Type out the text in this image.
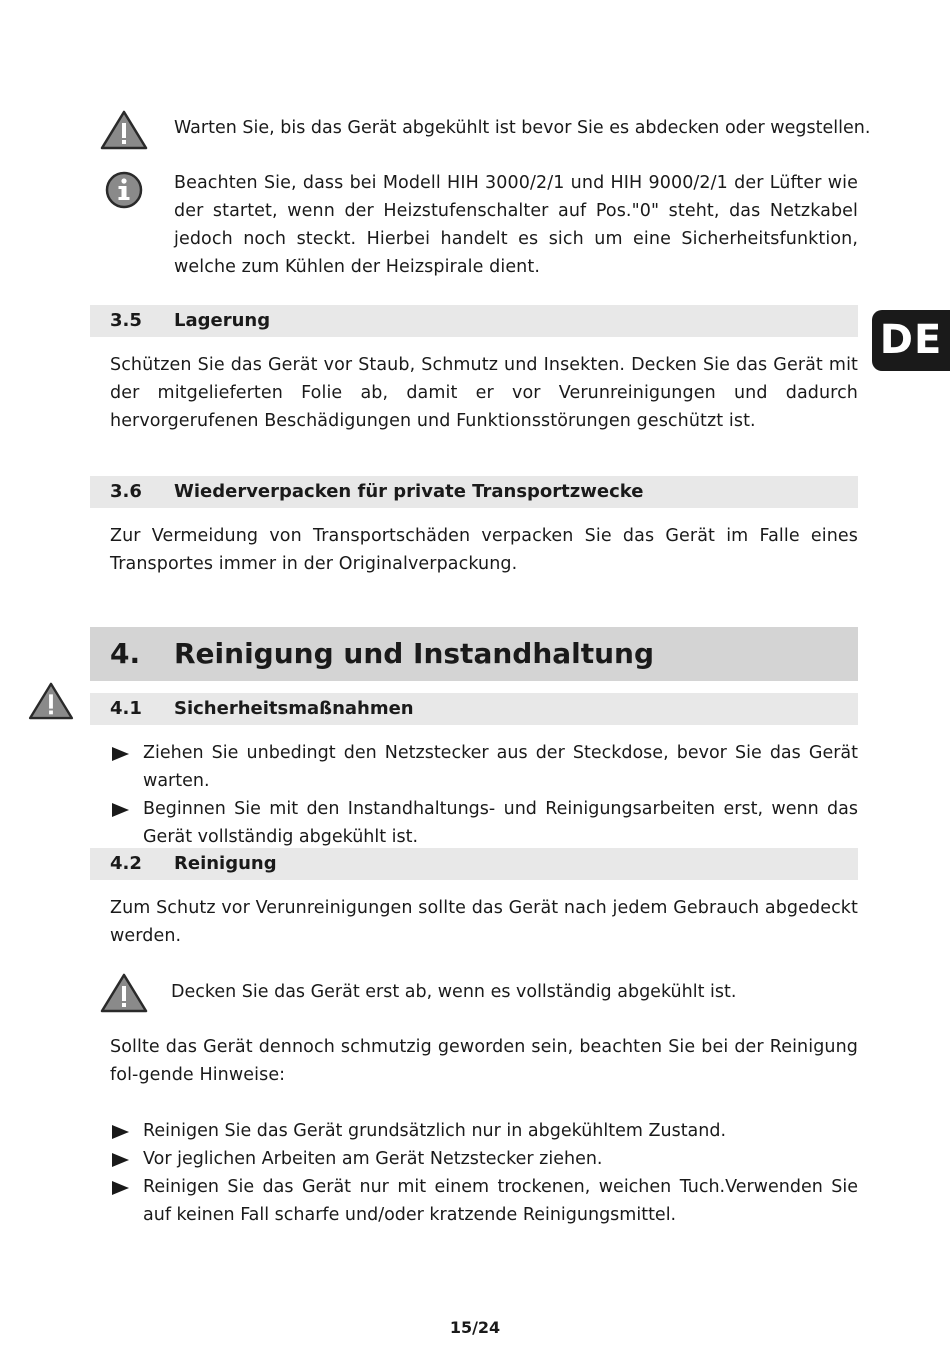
Warten Sie, bis das Gerät abgekühlt ist bevor Sie es abdecken oder wegstellen.
Beachten Sie, dass bei Modell HIH 3000/2/1 und HIH 9000/2/1 der Lüfter wie der startet, wenn der Heizstufenschalter auf Pos."0" steht, das Netzkabel jedoch noch steckt. Hierbei handelt es sich um eine Sicherheitsfunktion, welche zum Kühlen der Heizspirale dient.
3.5 Lagerung
Schützen Sie das Gerät vor Staub, Schmutz und Insekten. Decken Sie das Gerät mit der mitgelieferten Folie ab, damit er vor Verunreinigungen und dadurch hervorgerufenen Beschädigungen und Funktionsstörungen geschützt ist.
DE
3.6 Wiederverpacken für private Transportzwecke
Zur Vermeidung von Transportschäden verpacken Sie das Gerät im Falle eines Transportes immer in der Originalverpackung.
4. Reinigung und Instandhaltung
4.1 Sicherheitsmaßnahmen
Ziehen Sie unbedingt den Netzstecker aus der Steckdose, bevor Sie das Gerät warten.
Beginnen Sie mit den Instandhaltungs- und Reinigungsarbeiten erst, wenn das Gerät vollständig abgekühlt ist.
4.2 Reinigung
Zum Schutz vor Verunreinigungen sollte das Gerät nach jedem Gebrauch abgedeckt werden.
Decken Sie das Gerät erst ab, wenn es vollständig abgekühlt ist.
Sollte das Gerät dennoch schmutzig geworden sein, beachten Sie bei der Reinigung fol-gende Hinweise:
Reinigen Sie das Gerät grundsätzlich nur in abgekühltem Zustand.
Vor jeglichen Arbeiten am Gerät Netzstecker ziehen.
Reinigen Sie das Gerät nur mit einem trockenen, weichen Tuch.Verwenden Sie auf keinen Fall scharfe und/oder kratzende Reinigungsmittel.
15/24
